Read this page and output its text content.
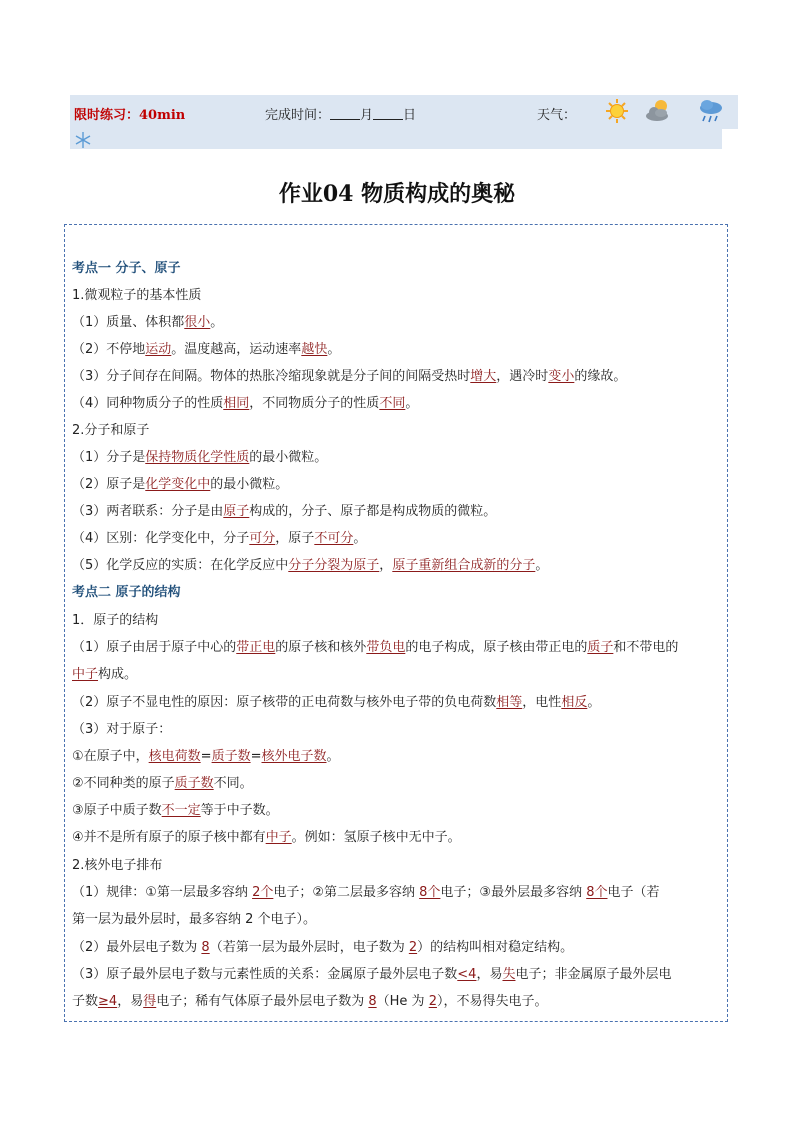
限时练习：40min	完成时间： 月 日	天气：
作业04 物质构成的奥秘
考点一 分子、原子
1.微观粒子的基本性质
（1）质量、体积都很小。
（2）不停地运动。温度越高，运动速率越快。
（3）分子间存在间隔。物体的热胀冷缩现象就是分子间的间隔受热时增大，遇冷时变小的缘故。
（4）同种物质分子的性质相同，不同物质分子的性质不同。
2.分子和原子
（1）分子是保持物质化学性质的最小微粒。
（2）原子是化学变化中的最小微粒。
（3）两者联系：分子是由原子构成的，分子、原子都是构成物质的微粒。
（4）区别：化学变化中，分子可分，原子不可分。
（5）化学反应的实质：在化学反应中分子分裂为原子，原子重新组合成新的分子。
考点二 原子的结构
1．原子的结构
（1）原子由居于原子中心的带正电的原子核和核外带负电的电子构成，原子核由带正电的质子和不带电的
中子构成。
（2）原子不显电性的原因：原子核带的正电荷数与核外电子带的负电荷数相等，电性相反。
（3）对于原子：
①在原子中，核电荷数=质子数=核外电子数。
②不同种类的原子质子数不同。
③原子中质子数不一定等于中子数。
④并不是所有原子的原子核中都有中子。例如：氢原子核中无中子。
2.核外电子排布
（1）规律：①第一层最多容纳 2个电子；②第二层最多容纳 8个电子；③最外层最多容纳 8个电子（若
第一层为最外层时，最多容纳 2 个电子）。
（2）最外层电子数为 8（若第一层为最外层时，电子数为 2）的结构叫相对稳定结构。
（3）原子最外层电子数与元素性质的关系：金属原子最外层电子数<4，易失电子；非金属原子最外层电
子数≥4，易得电子；稀有气体原子最外层电子数为 8（He 为 2），不易得失电子。
